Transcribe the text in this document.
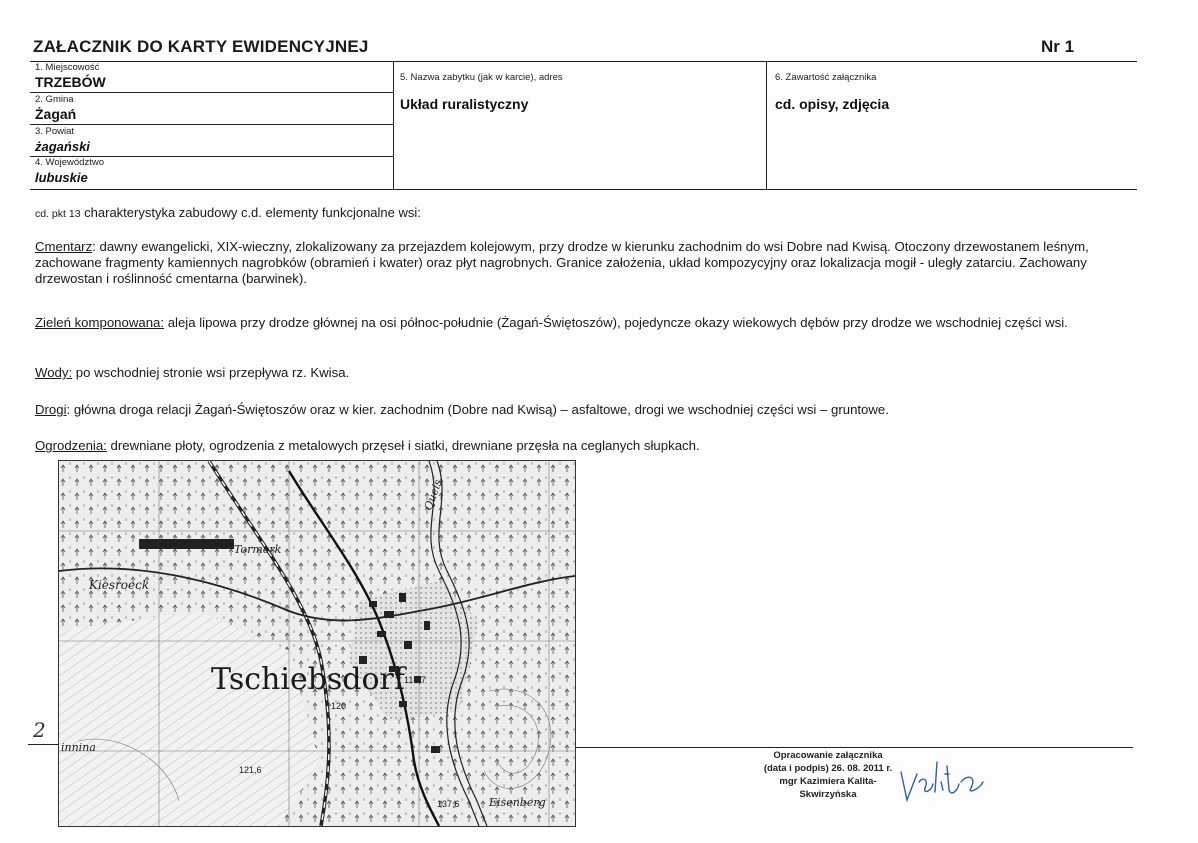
ZAŁACZNIK DO KARTY EWIDENCYJNEJ	Nr 1
1. Miejscowość
TRZEBÓW
2. Gmina
Żagań
3. Powiat
żagański
4. Województwo
lubuskie
5. Nazwa zabytku (jak w karcie), adres
Układ ruralistyczny
6. Zawartość załącznika
cd. opisy, zdjęcia
cd. pkt 13 charakterystyka zabudowy c.d. elementy funkcjonalne wsi:
Cmentarz: dawny ewangelicki, XIX-wieczny, zlokalizowany za przejazdem kolejowym, przy drodze w kierunku zachodnim do wsi Dobre nad Kwisą. Otoczony drzewostanem leśnym, zachowane fragmenty kamiennych nagrobków (obramień i kwater) oraz płyt nagrobnych. Granice założenia, układ kompozycyjny oraz lokalizacja mogił - uległy zatarciu. Zachowany drzewostan i roślinność cmentarna (barwinek).
Zieleń komponowana: aleja lipowa przy drodze głównej na osi północ-południe (Żagań-Świętoszów), pojedyncze okazy wiekowych dębów przy drodze we wschodniej części wsi.
Wody: po wschodniej stronie wsi przepływa rz. Kwisa.
Drogi: główna droga relacji Żagań-Świętoszów oraz w kier. zachodnim (Dobre nad Kwisą) – asfaltowe, drogi we wschodniej części wsi – gruntowe.
Ogrodzenia: drewniane płoty, ogrodzenia z metalowych przęseł i siatki, drewniane przęsła na ceglanych słupkach.
Tschiebsdorf
Kiesroeck
Tormerk
Queis
Eisenberg
innina
118,7
120
121,6
137,6
2
Opracowanie załącznika
(data i podpis) 26. 08. 2011 r.
mgr Kazimiera Kalita-
Skwirzyńska
